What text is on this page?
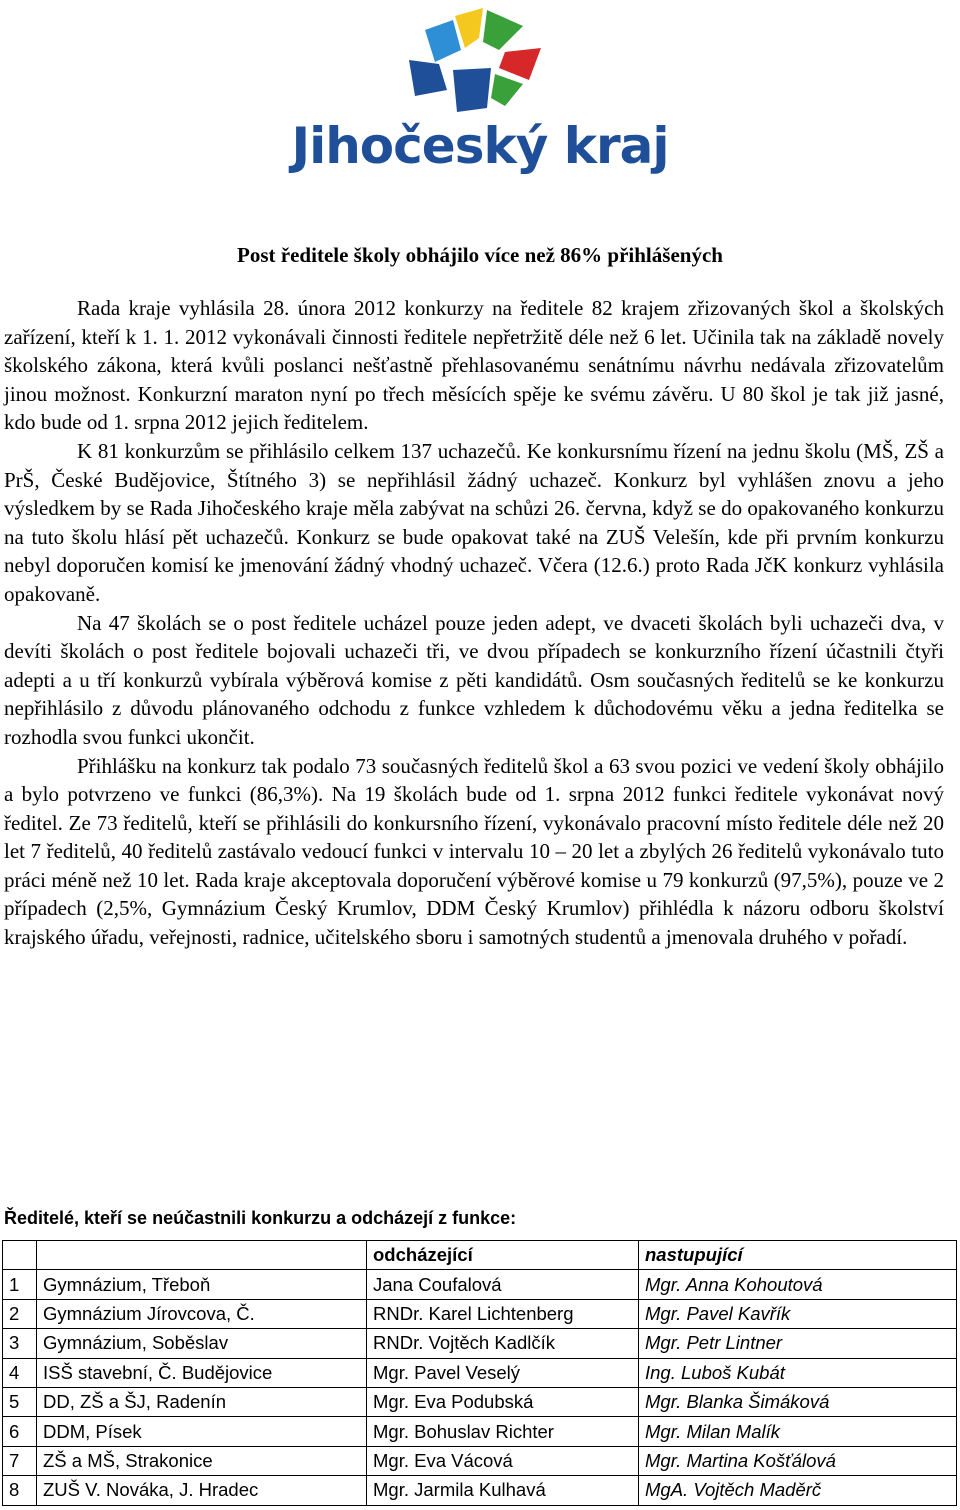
Jihočeský kraj
Post ředitele školy obhájilo více než 86% přihlášených

Rada kraje vyhlásila 28. února 2012 konkurzy na ředitele 82 krajem zřizovaných škol a školských zařízení, kteří k 1. 1. 2012 vykonávali činnosti ředitele nepřetržitě déle než 6 let. Učinila tak na základě novely školského zákona, která kvůli poslanci nešťastně přehlasovanému senátnímu návrhu nedávala zřizovatelům jinou možnost. Konkurzní maraton nyní po třech měsících spěje ke svému závěru. U 80 škol je tak již jasné, kdo bude od 1. srpna 2012 jejich ředitelem.

K 81 konkurzům se přihlásilo celkem 137 uchazečů. Ke konkursnímu řízení na jednu školu (MŠ, ZŠ a PrŠ, České Budějovice, Štítného 3) se nepřihlásil žádný uchazeč. Konkurz byl vyhlášen znovu a jeho výsledkem by se Rada Jihočeského kraje měla zabývat na schůzi 26. června, když se do opakovaného konkurzu na tuto školu hlásí pět uchazečů. Konkurz se bude opakovat také na ZUŠ Velešín, kde při prvním konkurzu nebyl doporučen komisí ke jmenování žádný vhodný uchazeč. Včera (12.6.) proto Rada JčK konkurz vyhlásila opakovaně.

Na 47 školách se o post ředitele ucházel pouze jeden adept, ve dvaceti školách byli uchazeči dva, v devíti školách o post ředitele bojovali uchazeči tři, ve dvou případech se konkurzního řízení účastnili čtyři adepti a u tří konkurzů vybírala výběrová komise z pěti kandidátů. Osm současných ředitelů se ke konkurzu nepřihlásilo z důvodu plánovaného odchodu z funkce vzhledem k důchodovému věku a jedna ředitelka se rozhodla svou funkci ukončit.

Přihlášku na konkurz tak podalo 73 současných ředitelů škol a 63 svou pozici ve vedení školy obhájilo a bylo potvrzeno ve funkci (86,3%). Na 19 školách bude od 1. srpna 2012 funkci ředitele vykonávat nový ředitel. Ze 73 ředitelů, kteří se přihlásili do konkursního řízení, vykonávalo pracovní místo ředitele déle než 20 let 7 ředitelů, 40 ředitelů zastávalo vedoucí funkci v intervalu 10 – 20 let a zbylých 26 ředitelů vykonávalo tuto práci méně než 10 let. Rada kraje akceptovala doporučení výběrové komise u 79 konkurzů (97,5%), pouze ve 2 případech (2,5%, Gymnázium Český Krumlov, DDM Český Krumlov) přihlédla k názoru odboru školství krajského úřadu, veřejnosti, radnice, učitelského sboru i samotných studentů a jmenovala druhého v pořadí.

Ředitelé, kteří se neúčastnili konkurzu a odcházejí z funkce:
		odcházející	nastupující
1	Gymnázium, Třeboň	Jana Coufalová	Mgr. Anna Kohoutová
2	Gymnázium Jírovcova, Č.	RNDr. Karel Lichtenberg	Mgr. Pavel Kavřík
3	Gymnázium, Soběslav	RNDr. Vojtěch Kadlčík	Mgr. Petr Lintner
4	ISŠ stavební, Č. Budějovice	Mgr. Pavel Veselý	Ing. Luboš Kubát
5	DD, ZŠ a ŠJ, Radenín	Mgr. Eva Podubská	Mgr. Blanka Šimáková
6	DDM, Písek	Mgr. Bohuslav Richter	Mgr. Milan Malík
7	ZŠ a MŠ, Strakonice	Mgr. Eva Vácová	Mgr. Martina Košťálová
8	ZUŠ V. Nováka, J. Hradec	Mgr. Jarmila Kulhavá	MgA. Vojtěch Maděrč
